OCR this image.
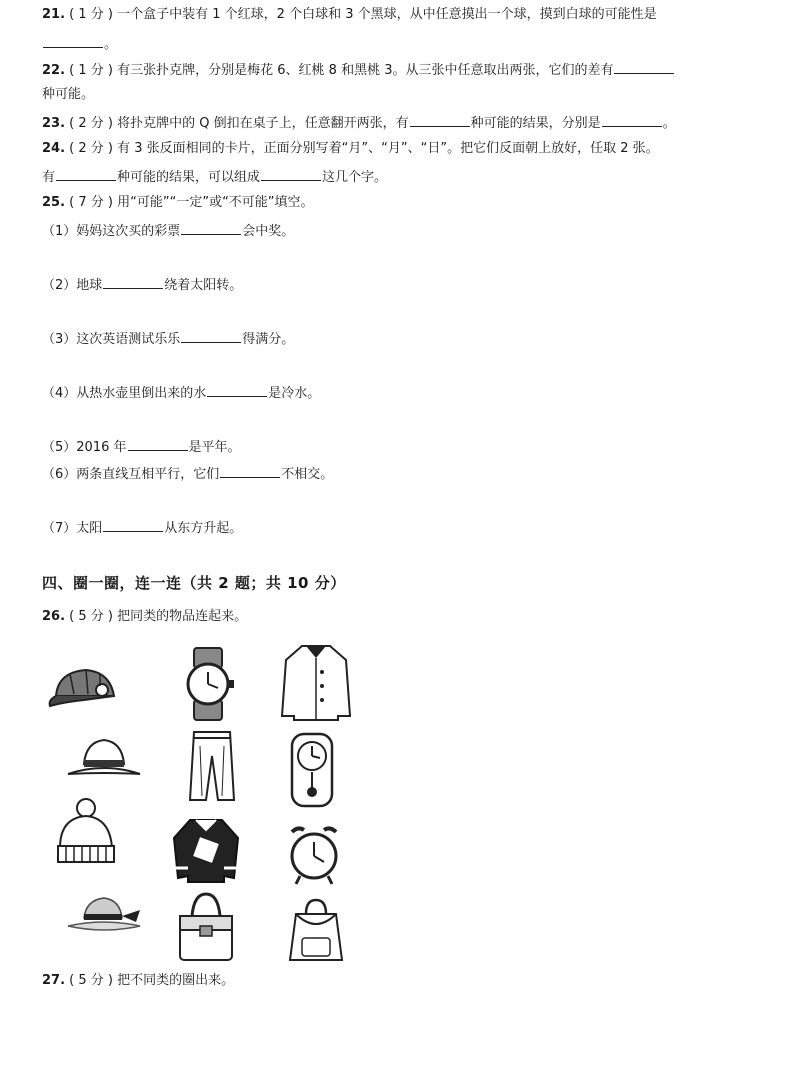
21. ( 1 分 ) 一个盒子中装有 1 个红球，2 个白球和 3 个黑球，从中任意摸出一个球，摸到白球的可能性是
。
22. ( 1 分 ) 有三张扑克牌，分别是梅花 6、红桃 8 和黑桃 3。从三张中任意取出两张，它们的差有
种可能。
23. ( 2 分 ) 将扑克牌中的 Q 倒扣在桌子上，任意翻开两张，有	种可能的结果，分别是	。
24. ( 2 分 ) 有 3 张反面相同的卡片，正面分别写着“月”、“月”、“日”。把它们反面朝上放好，任取 2 张。
有	种可能的结果，可以组成	这几个字。
25. ( 7 分 ) 用“可能”“一定”或“不可能”填空。
（1）妈妈这次买的彩票	会中奖。
（2）地球	绕着太阳转。
（3）这次英语测试乐乐	得满分。
（4）从热水壶里倒出来的水	是冷水。
（5）2016 年	是平年。
（6）两条直线互相平行，它们	不相交。
（7）太阳	从东方升起。
四、圈一圈，连一连（共 2 题；共 10 分）
26. ( 5 分 ) 把同类的物品连起来。
27. ( 5 分 ) 把不同类的圈出来。
